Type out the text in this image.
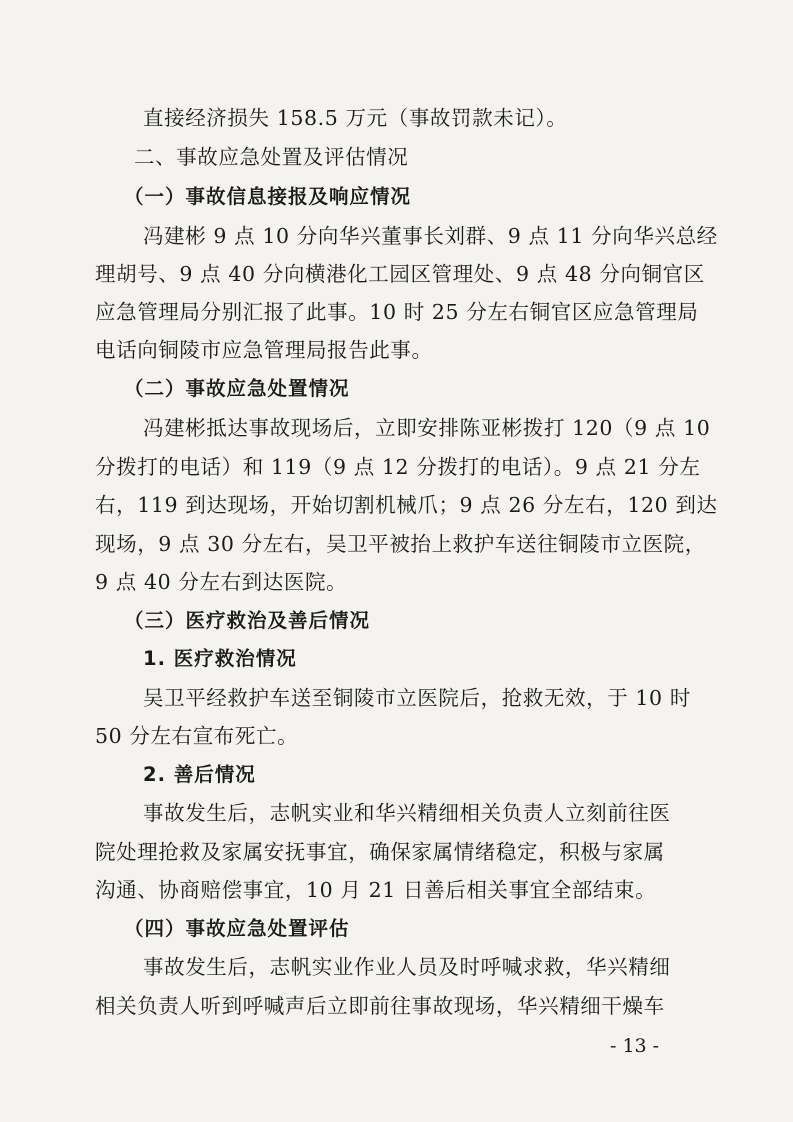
直接经济损失 158.5 万元（事故罚款未记）。
二、事故应急处置及评估情况
（一）事故信息接报及响应情况
冯建彬 9 点 10 分向华兴董事长刘群、9 点 11 分向华兴总经
理胡号、9 点 40 分向横港化工园区管理处、9 点 48 分向铜官区
应急管理局分别汇报了此事。10 时 25 分左右铜官区应急管理局
电话向铜陵市应急管理局报告此事。
（二）事故应急处置情况
冯建彬抵达事故现场后，立即安排陈亚彬拨打 120（9 点 10
分拨打的电话）和 119（9 点 12 分拨打的电话）。9 点 21 分左
右，119 到达现场，开始切割机械爪；9 点 26 分左右，120 到达
现场，9 点 30 分左右，吴卫平被抬上救护车送往铜陵市立医院，
9 点 40 分左右到达医院。
（三）医疗救治及善后情况
1. 医疗救治情况
吴卫平经救护车送至铜陵市立医院后，抢救无效，于 10 时
50 分左右宣布死亡。
2. 善后情况
事故发生后，志帆实业和华兴精细相关负责人立刻前往医
院处理抢救及家属安抚事宜，确保家属情绪稳定，积极与家属
沟通、协商赔偿事宜，10 月 21 日善后相关事宜全部结束。
（四）事故应急处置评估
事故发生后，志帆实业作业人员及时呼喊求救，华兴精细
相关负责人听到呼喊声后立即前往事故现场，华兴精细干燥车
- 13 -
